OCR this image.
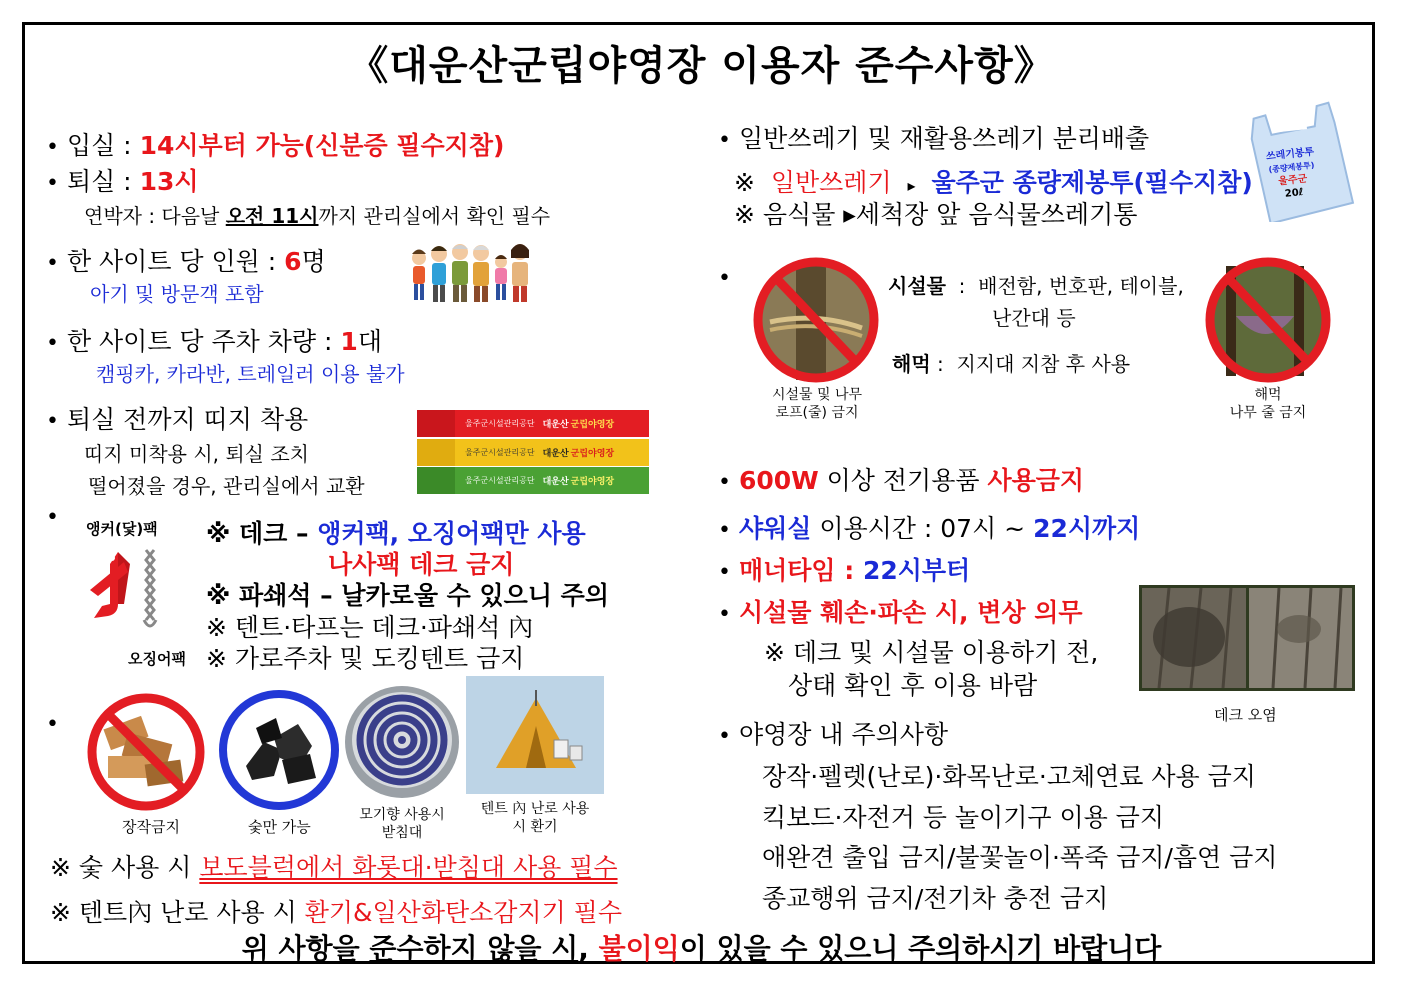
《대운산군립야영장 이용자 준수사항》
• 입실 : 14시부터 가능(신분증 필수지참)
• 퇴실 : 13시
연박자 : 다음날 오전 11시까지 관리실에서 확인 필수
• 한 사이트 당 인원 : 6명
아기 및 방문객 포함
• 한 사이트 당 주차 차량 : 1대
캠핑카, 카라반, 트레일러 이용 불가
• 퇴실 전까지 띠지 착용
띠지 미착용 시, 퇴실 조치
떨어졌을 경우, 관리실에서 교환
울주군시설관리공단 대운산 군립야영장
울주군시설관리공단 대운산 군립야영장
울주군시설관리공단 대운산 군립야영장
• 앵커(닻)팩
오징어팩
※ 데크 – 앵커팩, 오징어팩만 사용
나사팩 데크 금지
※ 파쇄석 – 날카로울 수 있으니 주의
※ 텐트·타프는 데크·파쇄석 內
※ 가로주차 및 도킹텐트 금지
•
장작금지	숯만 가능
모기향 사용시 받침대
텐트 內 난로 사용 시 환기
※ 숯 사용 시 보도블럭에서 화롯대·받침대 사용 필수
※ 텐트內 난로 사용 시 환기&일산화탄소감지기 필수
• 일반쓰레기 및 재활용쓰레기 분리배출
※ 일반쓰레기 ▸ 울주군 종량제봉투(필수지참)
※ 음식물 ▸세척장 앞 음식물쓰레기통
쓰레기봉투
(종량제봉투)
울주군
20ℓ
•
시설물 및 나무
로프(줄) 금지
시설물  :  배전함, 번호판, 테이블,
난간대 등
해먹 :  지지대 지참 후 사용
해먹
나무 줄 금지
• 600W 이상 전기용품 사용금지
• 샤워실 이용시간 : 07시 ~ 22시까지
• 매너타임 : 22시부터
• 시설물 훼손·파손 시, 변상 의무
※ 데크 및 시설물 이용하기 전,
상태 확인 후 이용 바람
데크 오염
• 야영장 내 주의사항
장작·펠렛(난로)·화목난로·고체연료 사용 금지
킥보드·자전거 등 놀이기구 이용 금지
애완견 출입 금지/불꽃놀이·폭죽 금지/흡연 금지
종교행위 금지/전기차 충전 금지
위 사항을 준수하지 않을 시, 불이익이 있을 수 있으니 주의하시기 바랍니다
